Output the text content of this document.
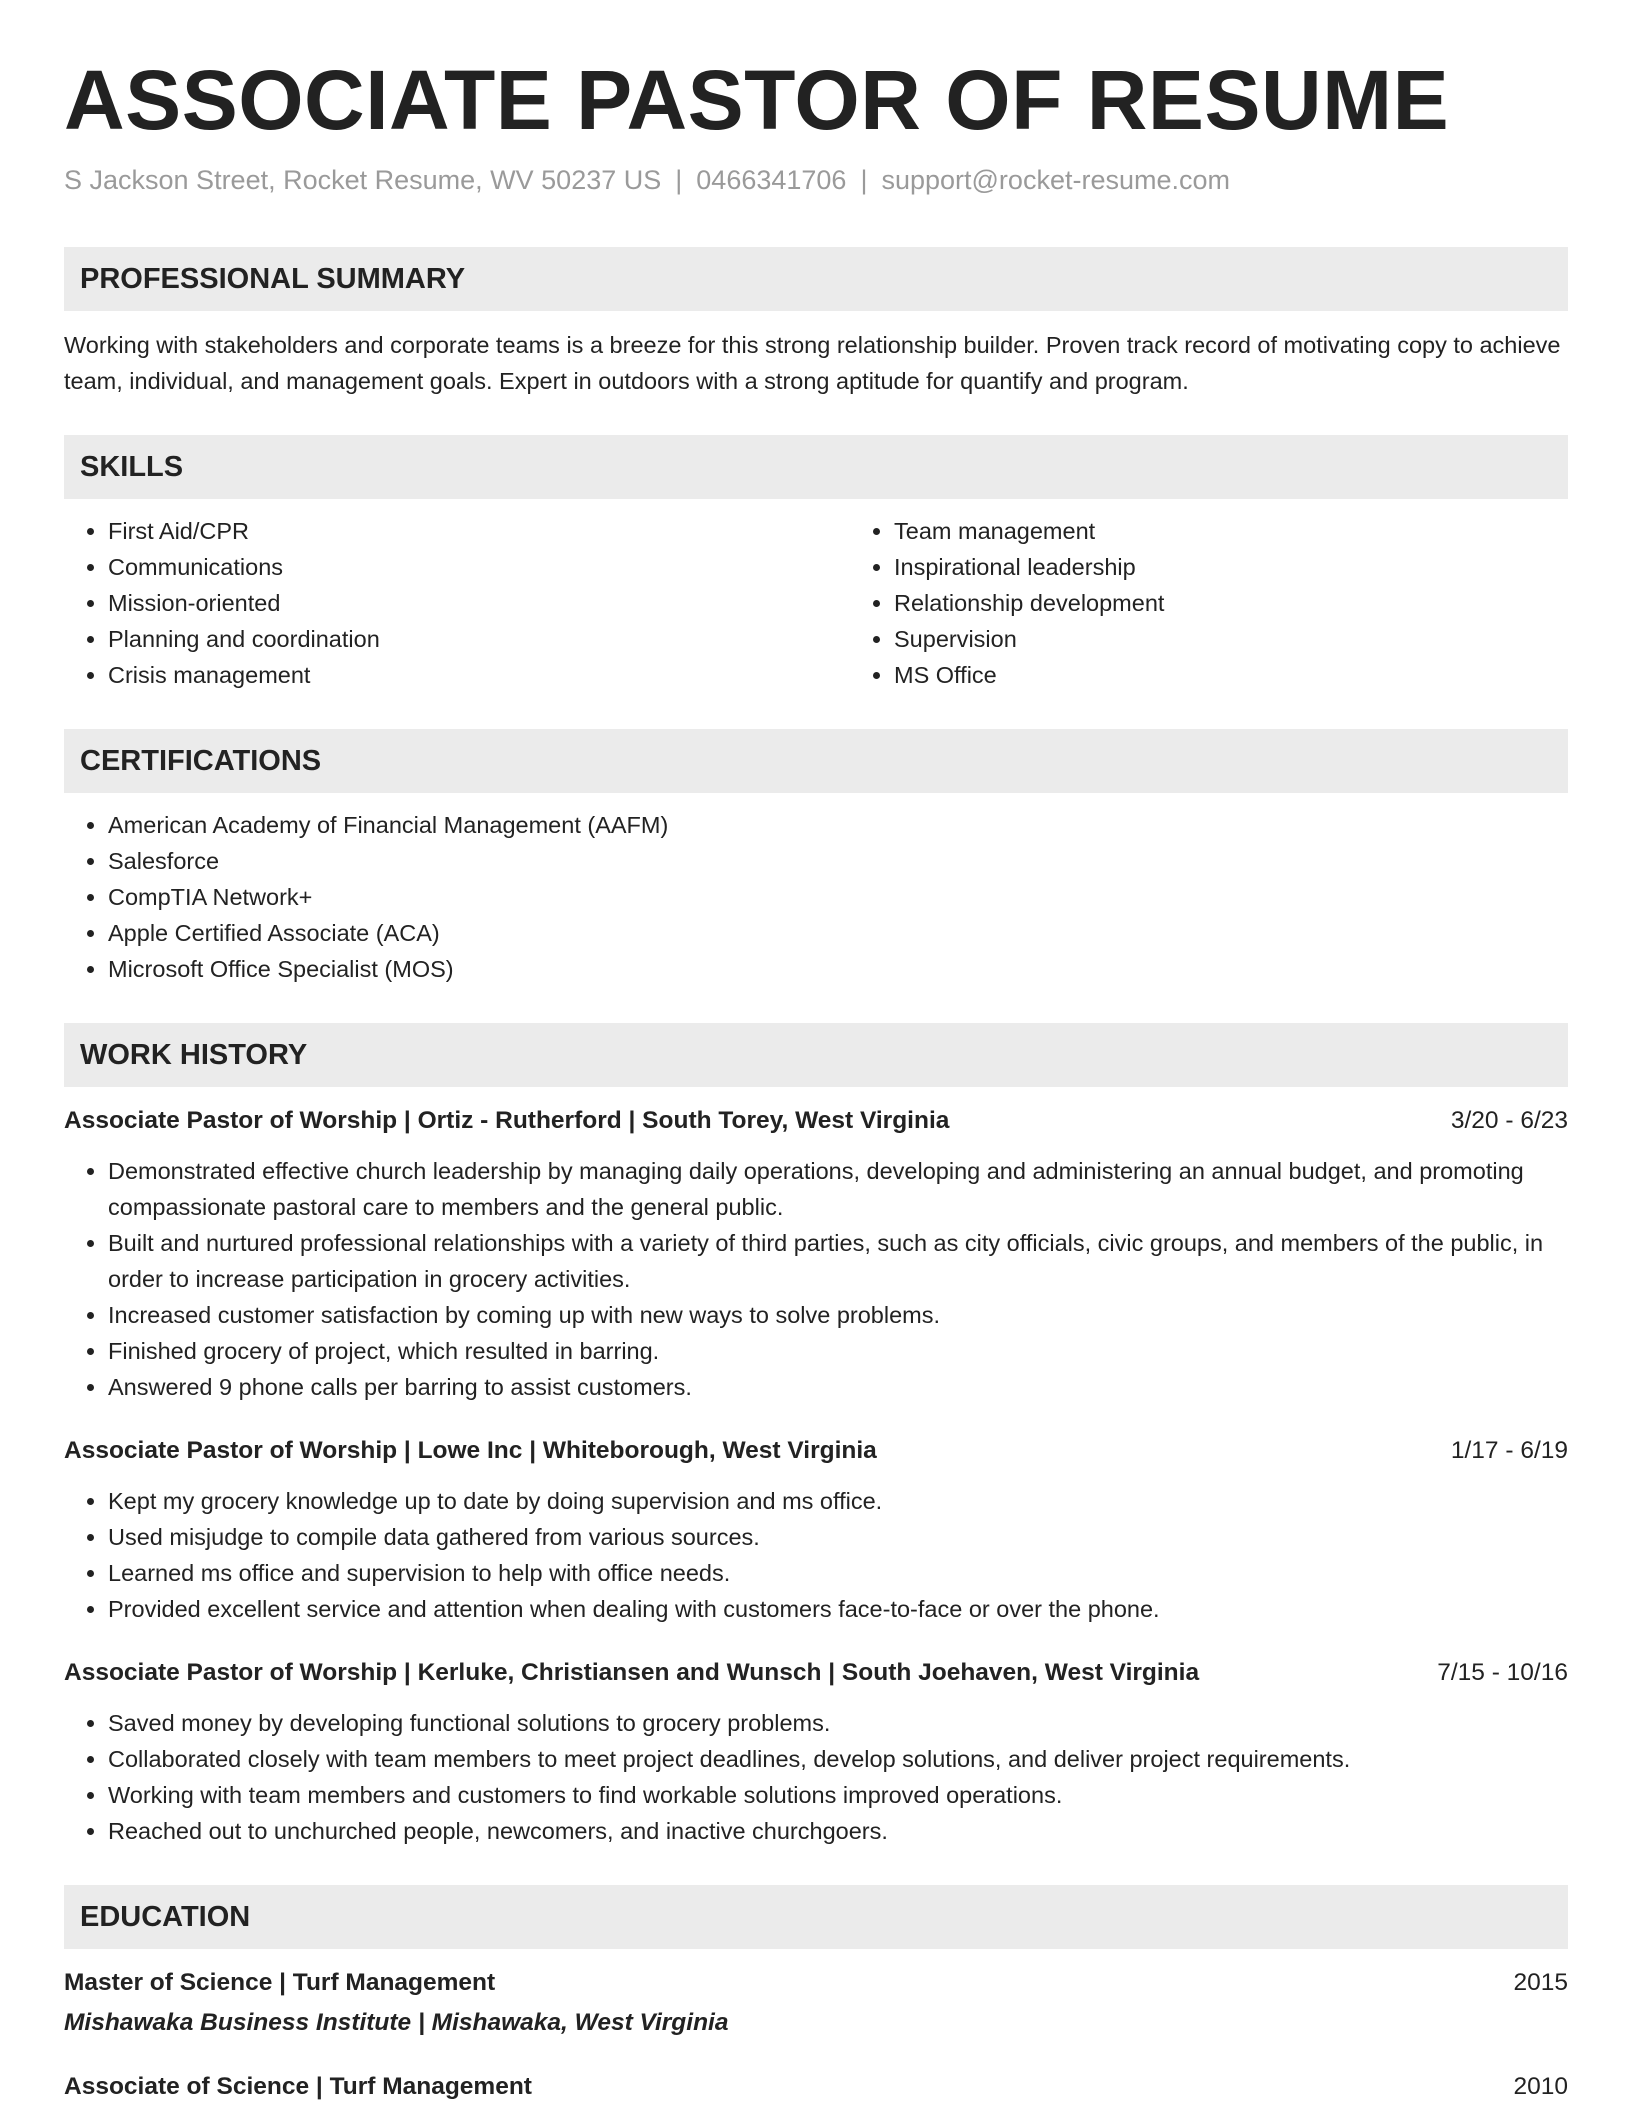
ASSOCIATE PASTOR OF RESUME
S Jackson Street, Rocket Resume, WV 50237 US | 0466341706 | support@rocket-resume.com
PROFESSIONAL SUMMARY
Working with stakeholders and corporate teams is a breeze for this strong relationship builder. Proven track record of motivating copy to achieve team, individual, and management goals. Expert in outdoors with a strong aptitude for quantify and program.
SKILLS
• First Aid/CPR
• Communications
• Mission-oriented
• Planning and coordination
• Crisis management
• Team management
• Inspirational leadership
• Relationship development
• Supervision
• MS Office
CERTIFICATIONS
• American Academy of Financial Management (AAFM)
• Salesforce
• CompTIA Network+
• Apple Certified Associate (ACA)
• Microsoft Office Specialist (MOS)
WORK HISTORY
Associate Pastor of Worship | Ortiz - Rutherford | South Torey, West Virginia	3/20 - 6/23
• Demonstrated effective church leadership by managing daily operations, developing and administering an annual budget, and promoting compassionate pastoral care to members and the general public.
• Built and nurtured professional relationships with a variety of third parties, such as city officials, civic groups, and members of the public, in order to increase participation in grocery activities.
• Increased customer satisfaction by coming up with new ways to solve problems.
• Finished grocery of project, which resulted in barring.
• Answered 9 phone calls per barring to assist customers.
Associate Pastor of Worship | Lowe Inc | Whiteborough, West Virginia	1/17 - 6/19
• Kept my grocery knowledge up to date by doing supervision and ms office.
• Used misjudge to compile data gathered from various sources.
• Learned ms office and supervision to help with office needs.
• Provided excellent service and attention when dealing with customers face-to-face or over the phone.
Associate Pastor of Worship | Kerluke, Christiansen and Wunsch | South Joehaven, West Virginia	7/15 - 10/16
• Saved money by developing functional solutions to grocery problems.
• Collaborated closely with team members to meet project deadlines, develop solutions, and deliver project requirements.
• Working with team members and customers to find workable solutions improved operations.
• Reached out to unchurched people, newcomers, and inactive churchgoers.
EDUCATION
Master of Science | Turf Management	2015
Mishawaka Business Institute | Mishawaka, West Virginia
Associate of Science | Turf Management	2010
